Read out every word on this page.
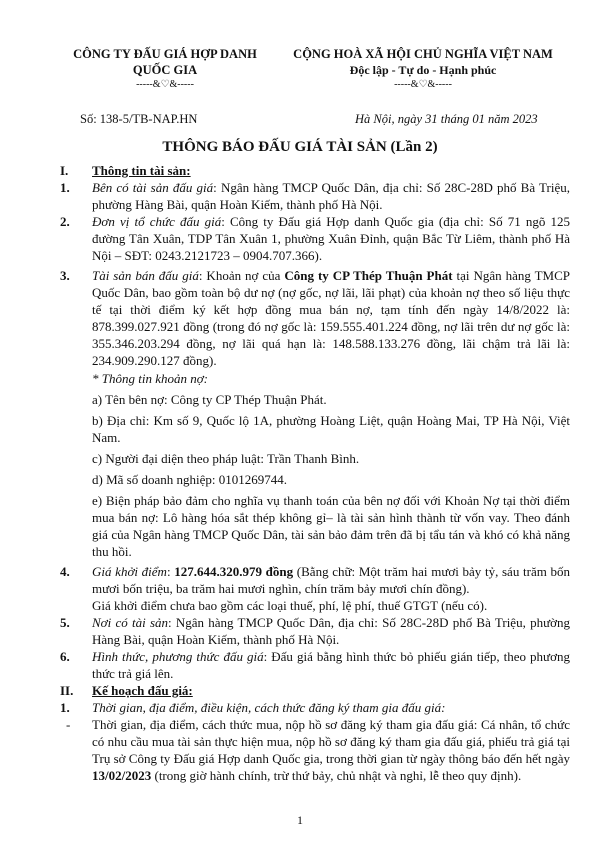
CÔNG TY ĐẤU GIÁ HỢP DANH
QUỐC GIA
-----&♡&-----
CỘNG HOÀ XÃ HỘI CHỦ NGHĨA VIỆT NAM
Độc lập - Tự do - Hạnh phúc
-----&♡&-----
Số: 138-5/TB-NAP.HN	Hà Nội, ngày 31 tháng 01 năm 2023
THÔNG BÁO ĐẤU GIÁ TÀI SẢN (Lần 2)
I.	Thông tin tài sản:
1.	Bên có tài sản đấu giá: Ngân hàng TMCP Quốc Dân, địa chỉ: Số 28C-28D phố Bà Triệu, phường Hàng Bài, quận Hoàn Kiếm, thành phố Hà Nội.
2.	Đơn vị tổ chức đấu giá: Công ty Đấu giá Hợp danh Quốc gia (địa chỉ: Số 71 ngõ 125 đường Tân Xuân, TDP Tân Xuân 1, phường Xuân Đỉnh, quận Bắc Từ Liêm, thành phố Hà Nội – SĐT: 0243.2121723 – 0904.707.366).
3.	Tài sản bán đấu giá: Khoản nợ của Công ty CP Thép Thuận Phát tại Ngân hàng TMCP Quốc Dân, bao gồm toàn bộ dư nợ (nợ gốc, nợ lãi, lãi phạt) của khoản nợ theo số liệu thực tế tại thời điểm ký kết hợp đồng mua bán nợ, tạm tính đến ngày 14/8/2022 là: 878.399.027.921 đồng (trong đó nợ gốc là: 159.555.401.224 đồng, nợ lãi trên dư nợ gốc là: 355.346.203.294 đồng, nợ lãi quá hạn là: 148.588.133.276 đồng, lãi chậm trả lãi là: 234.909.290.127 đồng).
* Thông tin khoản nợ:
a) Tên bên nợ: Công ty CP Thép Thuận Phát.
b) Địa chỉ: Km số 9, Quốc lộ 1A, phường Hoàng Liệt, quận Hoàng Mai, TP Hà Nội, Việt Nam.
c) Người đại diện theo pháp luật: Trần Thanh Bình.
d) Mã số doanh nghiệp: 0101269744.
e) Biện pháp bảo đảm cho nghĩa vụ thanh toán của bên nợ đối với Khoản Nợ tại thời điểm mua bán nợ: Lô hàng hóa sắt thép không gỉ– là tài sản hình thành từ vốn vay. Theo đánh giá của Ngân hàng TMCP Quốc Dân, tài sản bảo đảm trên đã bị tẩu tán và khó có khả năng thu hồi.
4.	Giá khởi điểm: 127.644.320.979 đồng (Bằng chữ: Một trăm hai mươi bảy tỷ, sáu trăm bốn mươi bốn triệu, ba trăm hai mươi nghìn, chín trăm bảy mươi chín đồng).
Giá khởi điểm chưa bao gồm các loại thuế, phí, lệ phí, thuế GTGT (nếu có).
5.	Nơi có tài sản: Ngân hàng TMCP Quốc Dân, địa chỉ: Số 28C-28D phố Bà Triệu, phường Hàng Bài, quận Hoàn Kiếm, thành phố Hà Nội.
6.	Hình thức, phương thức đấu giá: Đấu giá bằng hình thức bỏ phiếu gián tiếp, theo phương thức trả giá lên.
II.	Kế hoạch đấu giá:
1.	Thời gian, địa điểm, điều kiện, cách thức đăng ký tham gia đấu giá:
-	Thời gian, địa điểm, cách thức mua, nộp hồ sơ đăng ký tham gia đấu giá: Cá nhân, tổ chức có nhu cầu mua tài sản thực hiện mua, nộp hồ sơ đăng ký tham gia đấu giá, phiếu trả giá tại Trụ sở Công ty Đấu giá Hợp danh Quốc gia, trong thời gian từ ngày thông báo đến hết ngày 13/02/2023 (trong giờ hành chính, trừ thứ bảy, chủ nhật và nghỉ, lễ theo quy định).
1
